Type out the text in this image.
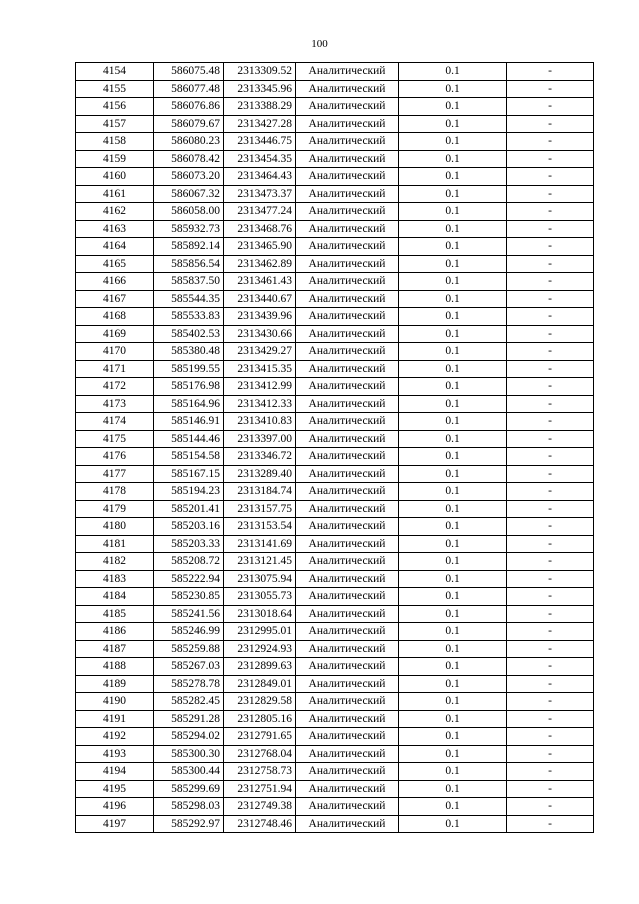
100
4154	586075.48	2313309.52	Аналитический	0.1	-
4155	586077.48	2313345.96	Аналитический	0.1	-
4156	586076.86	2313388.29	Аналитический	0.1	-
4157	586079.67	2313427.28	Аналитический	0.1	-
4158	586080.23	2313446.75	Аналитический	0.1	-
4159	586078.42	2313454.35	Аналитический	0.1	-
4160	586073.20	2313464.43	Аналитический	0.1	-
4161	586067.32	2313473.37	Аналитический	0.1	-
4162	586058.00	2313477.24	Аналитический	0.1	-
4163	585932.73	2313468.76	Аналитический	0.1	-
4164	585892.14	2313465.90	Аналитический	0.1	-
4165	585856.54	2313462.89	Аналитический	0.1	-
4166	585837.50	2313461.43	Аналитический	0.1	-
4167	585544.35	2313440.67	Аналитический	0.1	-
4168	585533.83	2313439.96	Аналитический	0.1	-
4169	585402.53	2313430.66	Аналитический	0.1	-
4170	585380.48	2313429.27	Аналитический	0.1	-
4171	585199.55	2313415.35	Аналитический	0.1	-
4172	585176.98	2313412.99	Аналитический	0.1	-
4173	585164.96	2313412.33	Аналитический	0.1	-
4174	585146.91	2313410.83	Аналитический	0.1	-
4175	585144.46	2313397.00	Аналитический	0.1	-
4176	585154.58	2313346.72	Аналитический	0.1	-
4177	585167.15	2313289.40	Аналитический	0.1	-
4178	585194.23	2313184.74	Аналитический	0.1	-
4179	585201.41	2313157.75	Аналитический	0.1	-
4180	585203.16	2313153.54	Аналитический	0.1	-
4181	585203.33	2313141.69	Аналитический	0.1	-
4182	585208.72	2313121.45	Аналитический	0.1	-
4183	585222.94	2313075.94	Аналитический	0.1	-
4184	585230.85	2313055.73	Аналитический	0.1	-
4185	585241.56	2313018.64	Аналитический	0.1	-
4186	585246.99	2312995.01	Аналитический	0.1	-
4187	585259.88	2312924.93	Аналитический	0.1	-
4188	585267.03	2312899.63	Аналитический	0.1	-
4189	585278.78	2312849.01	Аналитический	0.1	-
4190	585282.45	2312829.58	Аналитический	0.1	-
4191	585291.28	2312805.16	Аналитический	0.1	-
4192	585294.02	2312791.65	Аналитический	0.1	-
4193	585300.30	2312768.04	Аналитический	0.1	-
4194	585300.44	2312758.73	Аналитический	0.1	-
4195	585299.69	2312751.94	Аналитический	0.1	-
4196	585298.03	2312749.38	Аналитический	0.1	-
4197	585292.97	2312748.46	Аналитический	0.1	-
